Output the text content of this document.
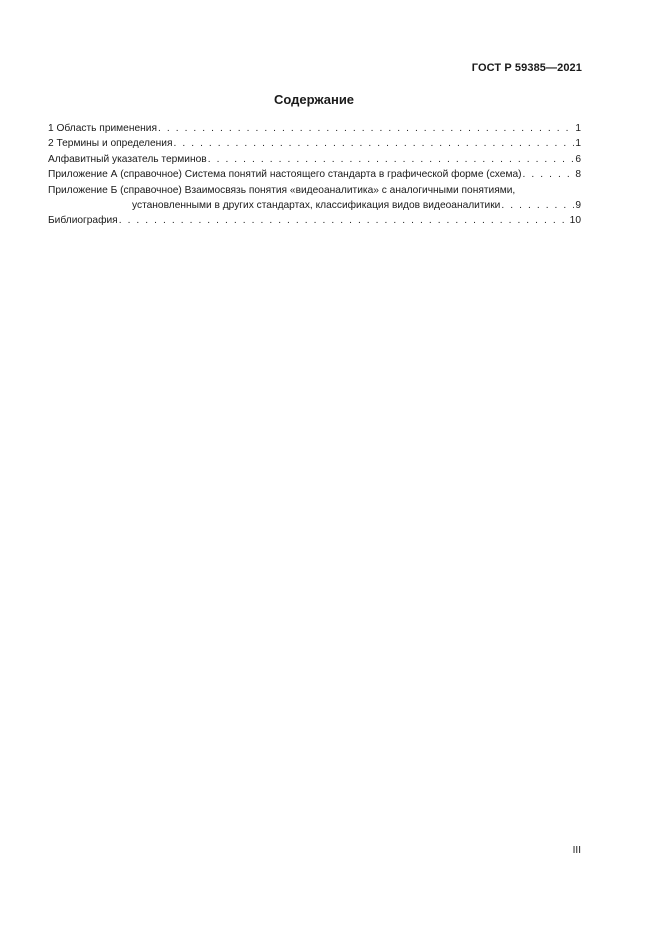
ГОСТ Р 59385—2021
Содержание
1 Область применения . . .	1
2 Термины и определения . . .	1
Алфавитный указатель терминов . . .	6
Приложение А (справочное) Система понятий настоящего стандарта в графической форме (схема) . . .	8
Приложение Б (справочное) Взаимосвязь понятия «видеоаналитика» с аналогичными понятиями,
установленными в других стандартах, классификация видов видеоаналитики . . .	9
Библиография . . .	10
III
